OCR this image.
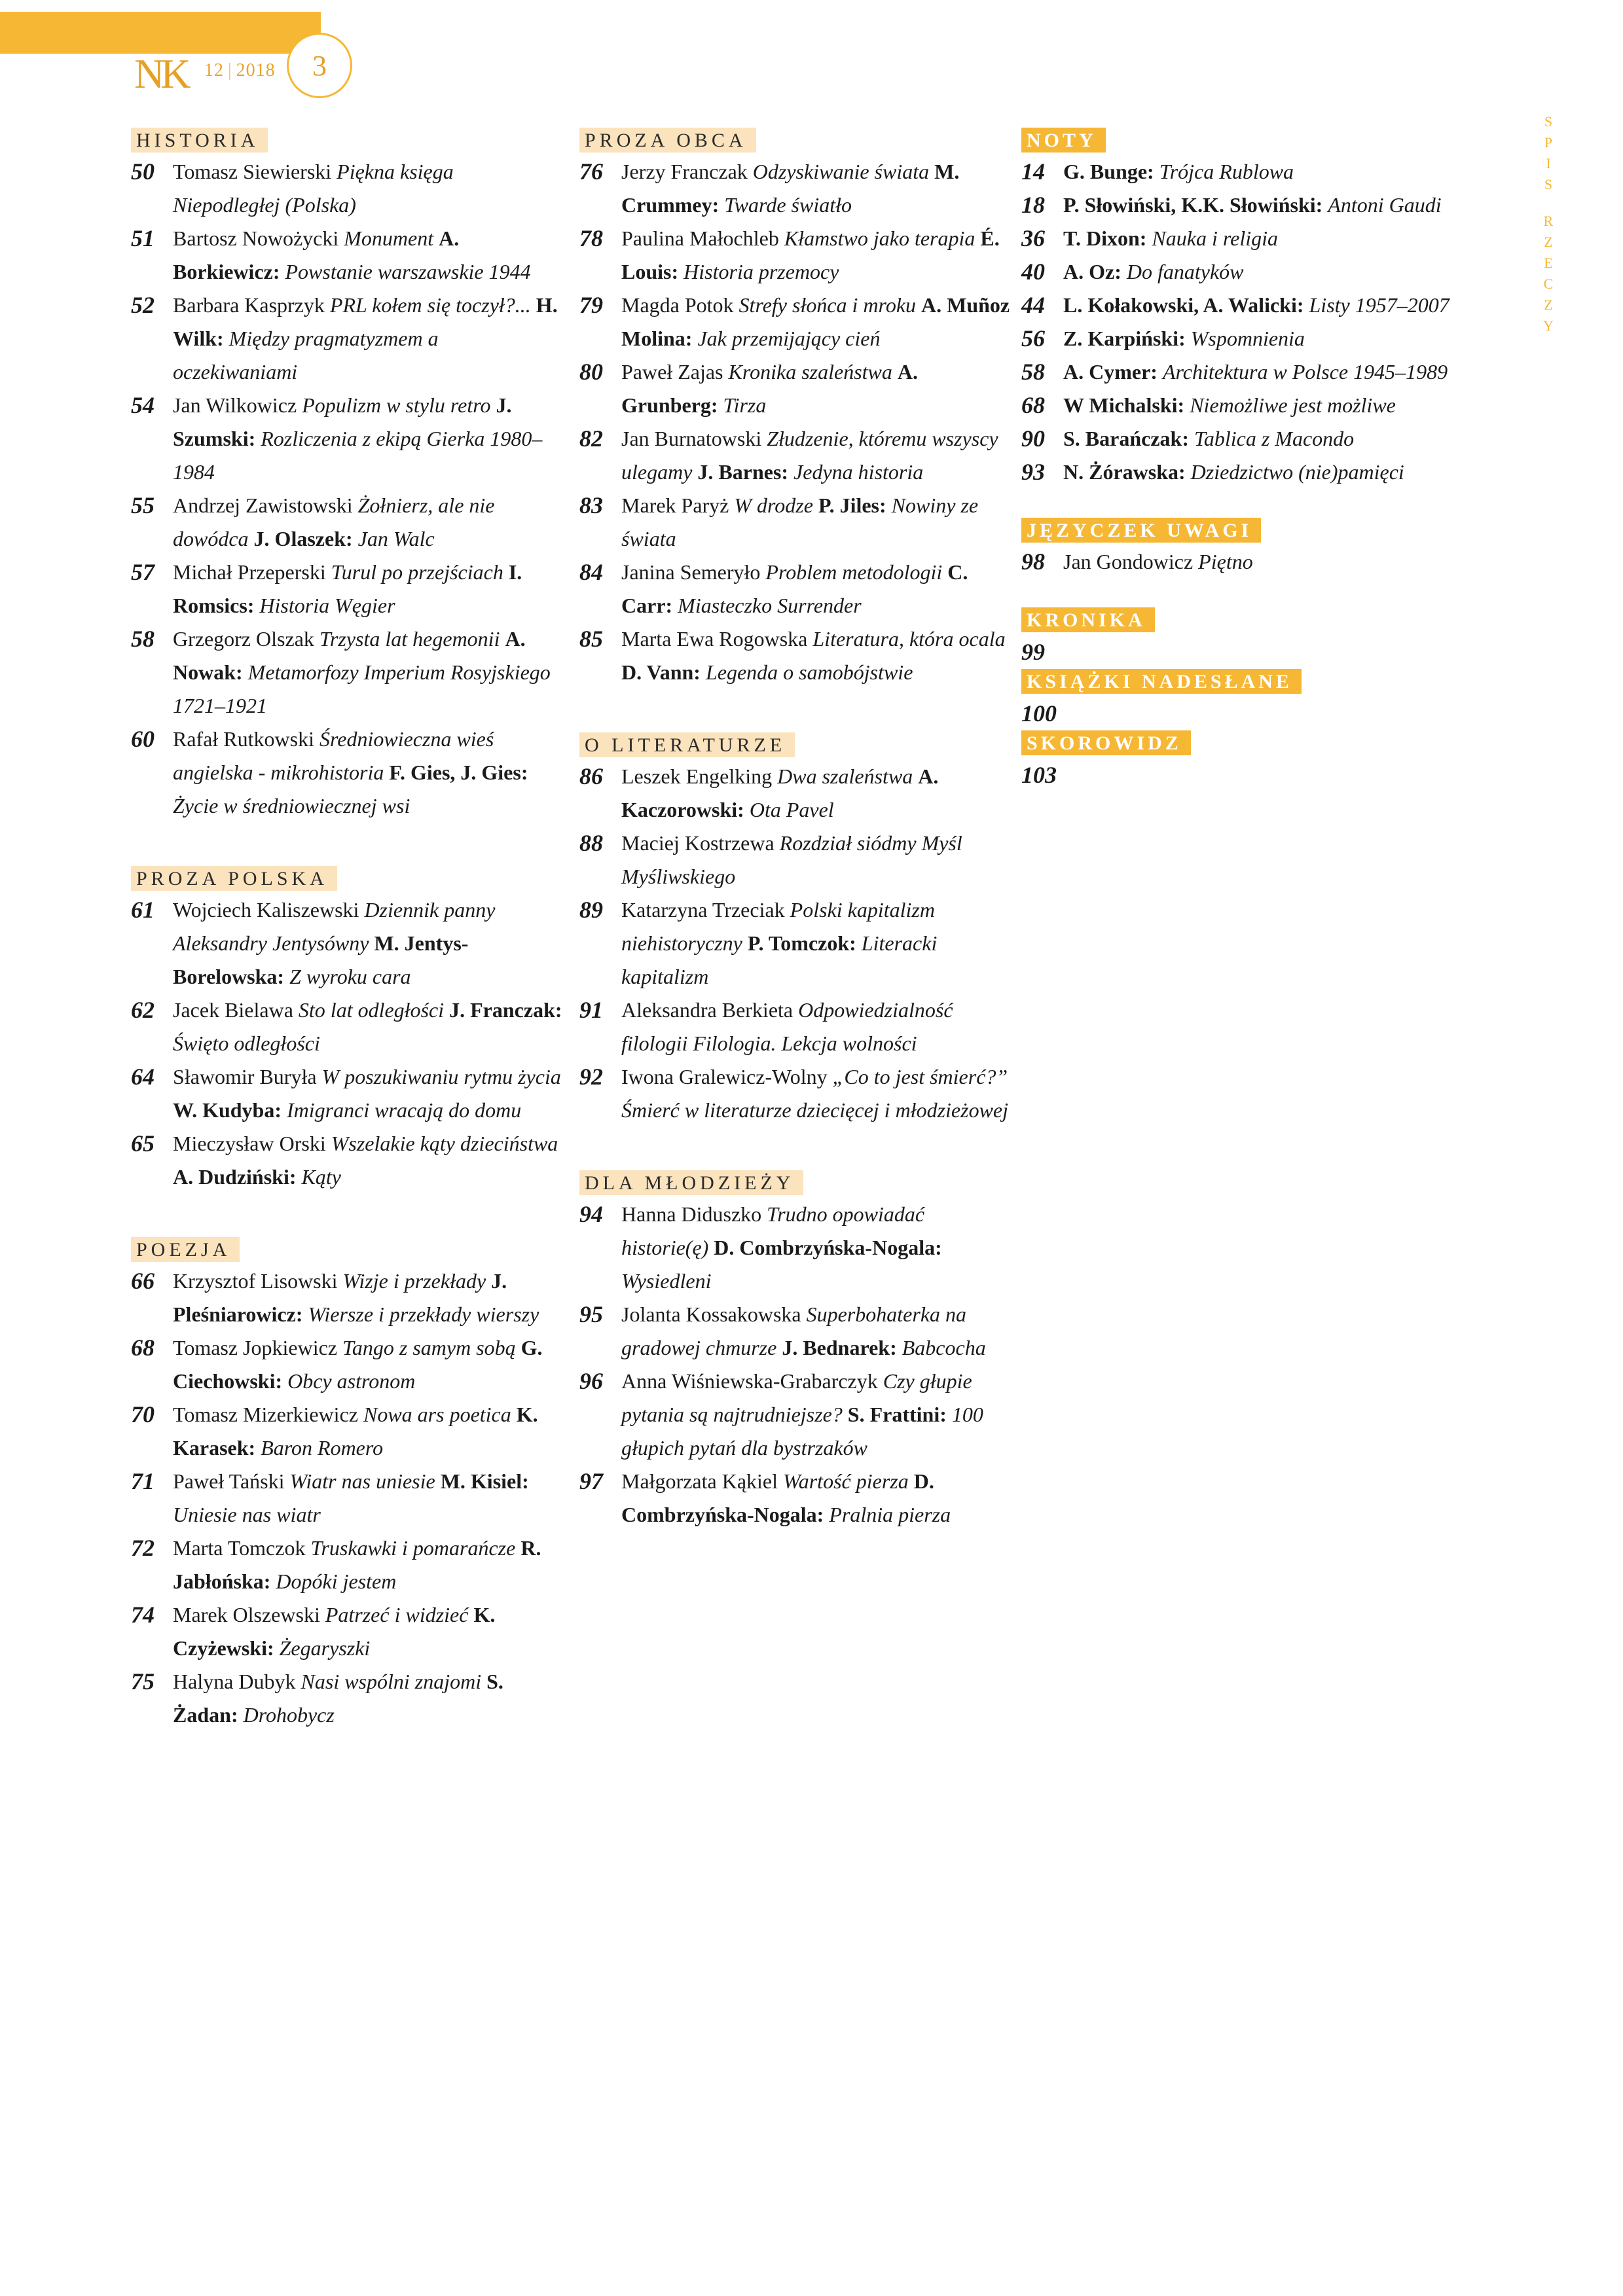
NK 12 | 2018 3
HISTORIA
50 Tomasz Siewierski Piękna księga Niepodległej (Polska)
51 Bartosz Nowożycki Monument A. Borkiewicz: Powstanie warszawskie 1944
52 Barbara Kasprzyk PRL kołem się toczył?... H. Wilk: Między pragmatyzmem a oczekiwaniami
54 Jan Wilkowicz Populizm w stylu retro J. Szumski: Rozliczenia z ekipą Gierka 1980–1984
55 Andrzej Zawistowski Żołnierz, ale nie dowódca J. Olaszek: Jan Walc
57 Michał Przeperski Turul po przejściach I. Romsics: Historia Węgier
58 Grzegorz Olszak Trzysta lat hegemonii A. Nowak: Metamorfozy Imperium Rosyjskiego 1721–1921
60 Rafał Rutkowski Średniowieczna wieś angielska - mikrohistoria F. Gies, J. Gies: Życie w średniowiecznej wsi
PROZA POLSKA
61 Wojciech Kaliszewski Dziennik panny Aleksandry Jentysówny M. Jentys-Borelowska: Z wyroku cara
62 Jacek Bielawa Sto lat odległości J. Franczak: Święto odległości
64 Sławomir Buryła W poszukiwaniu rytmu życia W. Kudyba: Imigranci wracają do domu
65 Mieczysław Orski Wszelakie kąty dzieciństwa A. Dudziński: Kąty
POEZJA
66 Krzysztof Lisowski Wizje i przekłady J. Pleśniarowicz: Wiersze i przekłady wierszy
68 Tomasz Jopkiewicz Tango z samym sobą G. Ciechowski: Obcy astronom
70 Tomasz Mizerkiewicz Nowa ars poetica K. Karasek: Baron Romero
71 Paweł Tański Wiatr nas uniesie M. Kisiel: Uniesie nas wiatr
72 Marta Tomczok Truskawki i pomarańcze R. Jabłońska: Dopóki jestem
74 Marek Olszewski Patrzeć i widzieć K. Czyżewski: Żegaryszki
75 Halyna Dubyk Nasi wspólni znajomi S. Żadan: Drohobycz
PROZA OBCA
76 Jerzy Franczak Odzyskiwanie świata M. Crummey: Twarde światło
78 Paulina Małochleb Kłamstwo jako terapia É. Louis: Historia przemocy
79 Magda Potok Strefy słońca i mroku A. Muñoz Molina: Jak przemijający cień
80 Paweł Zajas Kronika szaleństwa A. Grunberg: Tirza
82 Jan Burnatowski Złudzenie, któremu wszyscy ulegamy J. Barnes: Jedyna historia
83 Marek Paryż W drodze P. Jiles: Nowiny ze świata
84 Janina Semeryło Problem metodologii C. Carr: Miasteczko Surrender
85 Marta Ewa Rogowska Literatura, która ocala D. Vann: Legenda o samobójstwie
O LITERATURZE
86 Leszek Engelking Dwa szaleństwa A. Kaczorowski: Ota Pavel
88 Maciej Kostrzewa Rozdział siódmy Myśl Myśliwskiego
89 Katarzyna Trzeciak Polski kapitalizm niehistoryczny P. Tomczok: Literacki kapitalizm
91 Aleksandra Berkieta Odpowiedzialność filologii Filologia. Lekcja wolności
92 Iwona Gralewicz-Wolny „Co to jest śmierć?” Śmierć w literaturze dziecięcej i młodzieżowej
DLA MŁODZIEŻY
94 Hanna Diduszko Trudno opowiadać historie(ę) D. Combrzyńska-Nogala: Wysiedleni
95 Jolanta Kossakowska Superbohaterka na gradowej chmurze J. Bednarek: Babcocha
96 Anna Wiśniewska-Grabarczyk Czy głupie pytania są najtrudniejsze? S. Frattini: 100 głupich pytań dla bystrzaków
97 Małgorzata Kąkiel Wartość pierza D. Combrzyńska-Nogala: Pralnia pierza
NOTY
14 G. Bunge: Trójca Rublowa
18 P. Słowiński, K.K. Słowiński: Antoni Gaudi
36 T. Dixon: Nauka i religia
40 A. Oz: Do fanatyków
44 L. Kołakowski, A. Walicki: Listy 1957–2007
56 Z. Karpiński: Wspomnienia
58 A. Cymer: Architektura w Polsce 1945–1989
68 W Michalski: Niemożliwe jest możliwe
90 S. Barańczak: Tablica z Macondo
93 N. Żórawska: Dziedzictwo (nie)pamięci
JĘZYCZEK UWAGI
98 Jan Gondowicz Piętno
KRONIKA
99
KSIĄŻKI NADESŁANE
100
SKOROWIDZ
103
S
P
I
S

R
Z
E
C
Z
Y
